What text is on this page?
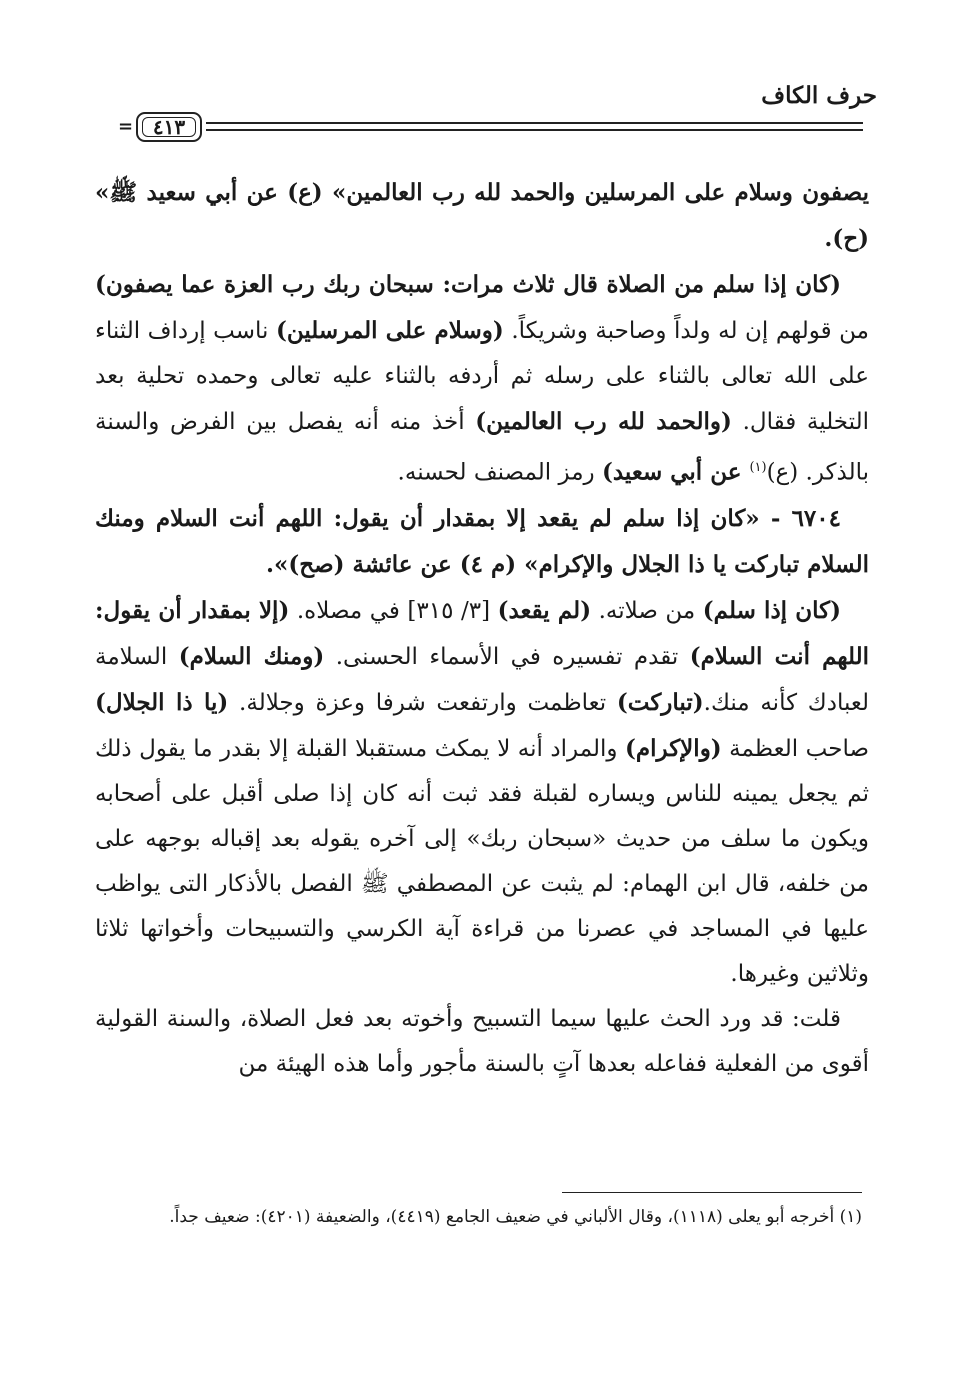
حرف الكاف
= ٤١٣

يصفون وسلام على المرسلين والحمد لله رب العالمين» (ع) عن أبي سعيد ﷺ» (ح).

(كان إذا سلم من الصلاة قال ثلاث مرات: سبحان ربك رب العزة عما يصفون) من قولهم إن له ولداً وصاحبة وشريكاً. (وسلام على المرسلين) ناسب إرداف الثناء على الله تعالى بالثناء على رسله ثم أردفه بالثناء عليه تعالى وحمده تحلية بعد التخلية فقال. (والحمد لله رب العالمين) أخذ منه أنه يفصل بين الفرض والسنة بالذكر. (ع)$^{(١)}$ عن أبي سعيد) رمز المصنف لحسنه.

٦٧٠٤ - «كان إذا سلم لم يقعد إلا بمقدار أن يقول: اللهم أنت السلام ومنك السلام تباركت يا ذا الجلال والإكرام» (م ٤) عن عائشة (صح)».

(كان إذا سلم) من صلاته. (لم يقعد) [٣/ ٣١٥] في مصلاه. (إلا بمقدار أن يقول: اللهم أنت السلام) تقدم تفسيره في الأسماء الحسنى. (ومنك السلام) السلامة لعبادك كأنه منك.(تباركت) تعاظمت وارتفعت شرفا وعزة وجلالة. (يا ذا الجلال) صاحب العظمة (والإكرام) والمراد أنه لا يمكث مستقبلا القبلة إلا بقدر ما يقول ذلك ثم يجعل يمينه للناس ويساره لقبلة فقد ثبت أنه كان إذا صلى أقبل على أصحابه ويكون ما سلف من حديث «سبحان ربك» إلى آخره يقوله بعد إقباله بوجهه على من خلفه، قال ابن الهمام: لم يثبت عن المصطفي ﷺ الفصل بالأذكار التى يواظب عليها في المساجد في عصرنا من قراءة آية الكرسي والتسبيحات وأخواتها ثلاثا وثلاثين وغيرها.

قلت: قد ورد الحث عليها سيما التسبيح وأخوته بعد فعل الصلاة، والسنة القولية أقوى من الفعلية ففاعله بعدها آتٍ بالسنة مأجور وأما هذه الهيئة من

(١) أخرجه أبو يعلى (١١١٨)، وقال الألباني في ضعيف الجامع (٤٤١٩)، والضعيفة (٤٢٠١): ضعيف جداً.
